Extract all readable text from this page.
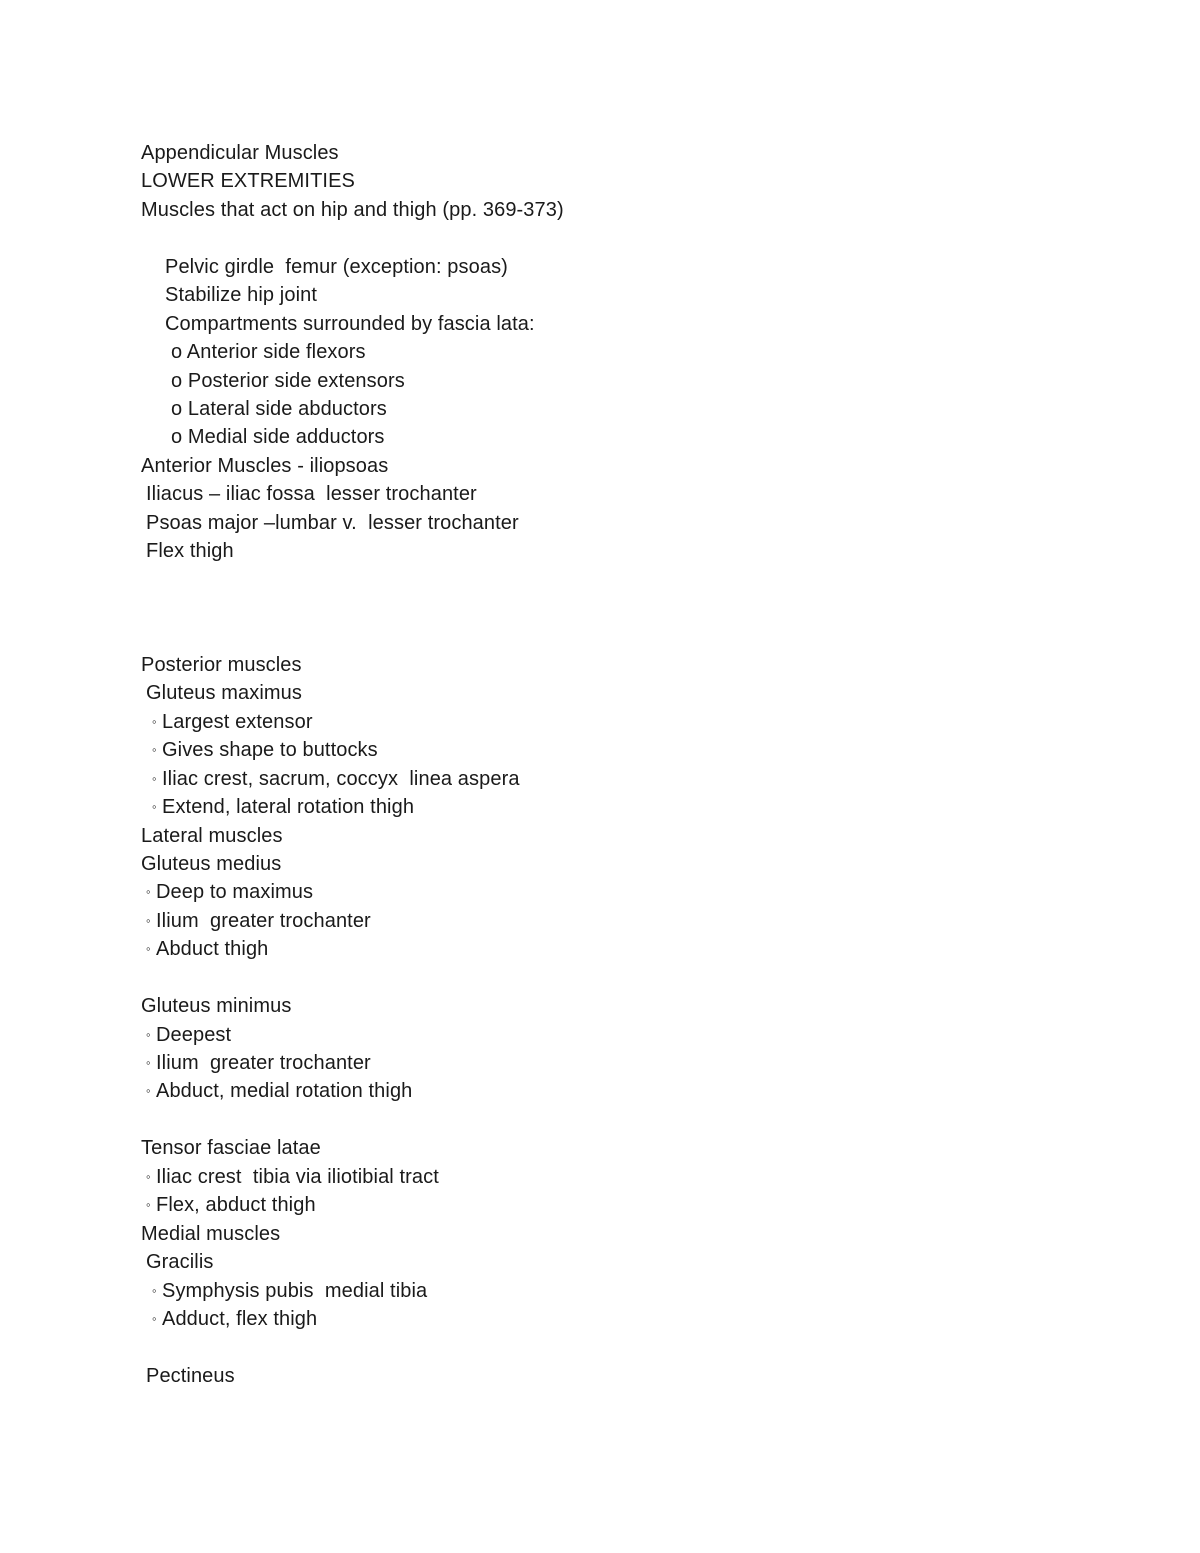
Appendicular Muscles
LOWER EXTREMITIES
Muscles that act on hip and thigh (pp. 369-373)
Pelvic girdle  femur (exception: psoas)
Stabilize hip joint
Compartments surrounded by fascia lata:
o Anterior side flexors
o Posterior side extensors
o Lateral side abductors
o Medial side adductors
Anterior Muscles - iliopsoas
Iliacus – iliac fossa  lesser trochanter
Psoas major –lumbar v.  lesser trochanter
Flex thigh
Posterior muscles
Gluteus maximus
◦ Largest extensor
◦ Gives shape to buttocks
◦ Iliac crest, sacrum, coccyx  linea aspera
◦ Extend, lateral rotation thigh
Lateral muscles
Gluteus medius
◦ Deep to maximus
◦ Ilium  greater trochanter
◦ Abduct thigh
Gluteus minimus
◦ Deepest
◦ Ilium  greater trochanter
◦ Abduct, medial rotation thigh
Tensor fasciae latae
◦ Iliac crest  tibia via iliotibial tract
◦ Flex, abduct thigh
Medial muscles
Gracilis
◦ Symphysis pubis  medial tibia
◦ Adduct, flex thigh
Pectineus
